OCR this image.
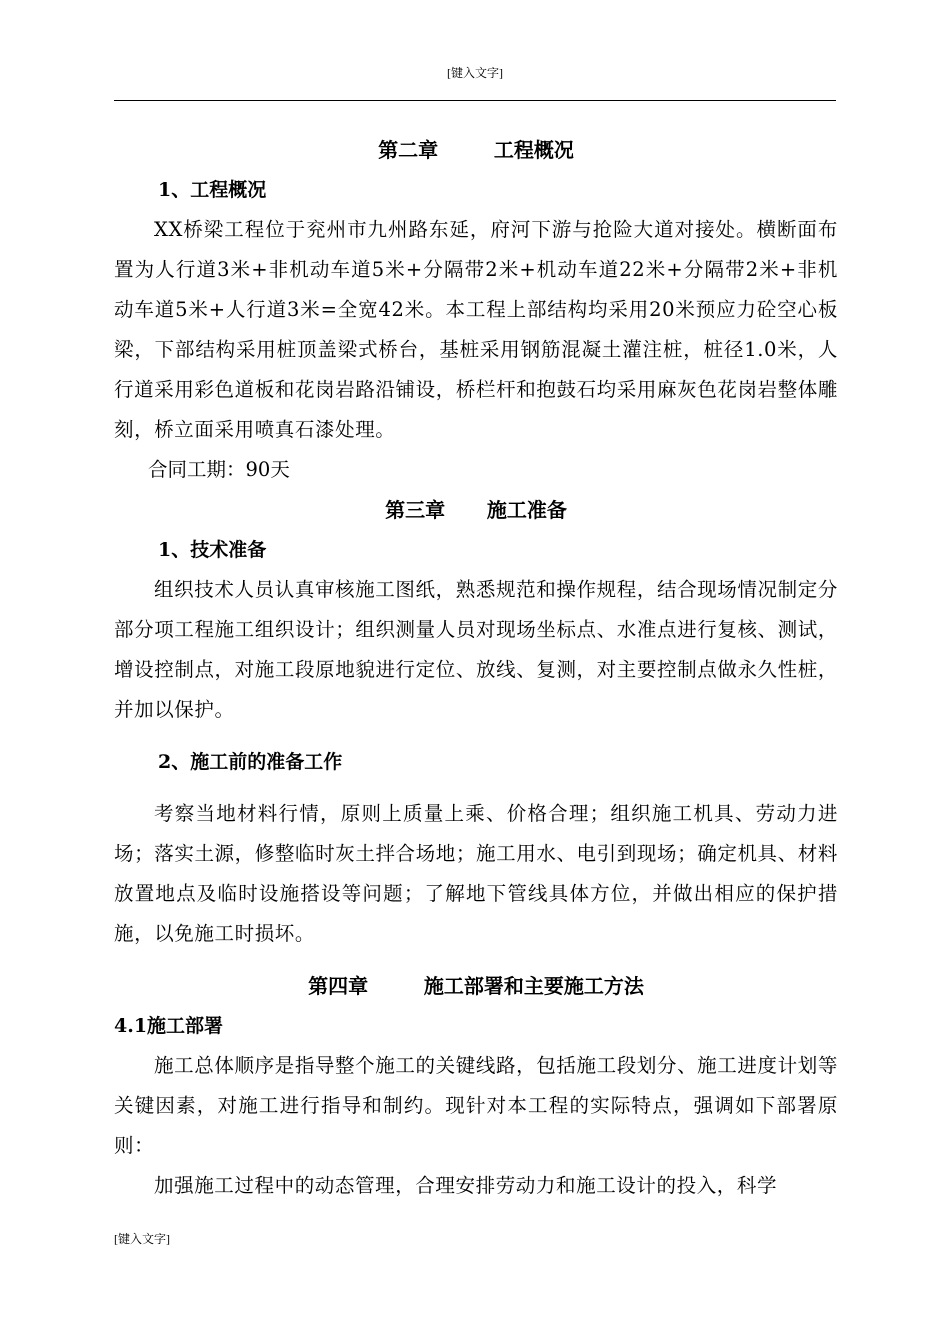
[键入文字]
第二章        工程概况
1、工程概况

XX桥梁工程位于兖州市九州路东延，府河下游与抢险大道对接处。横断面布置为人行道3米+非机动车道5米+分隔带2米+机动车道22米+分隔带2米+非机动车道5米+人行道3米=全宽42米。本工程上部结构均采用20米预应力砼空心板梁，下部结构采用桩顶盖梁式桥台，基桩采用钢筋混凝土灌注桩，桩径1.0米，人行道采用彩色道板和花岗岩路沿铺设，桥栏杆和抱鼓石均采用麻灰色花岗岩整体雕刻，桥立面采用喷真石漆处理。

合同工期：90天
第三章      施工准备
1、技术准备

组织技术人员认真审核施工图纸，熟悉规范和操作规程，结合现场情况制定分部分项工程施工组织设计；组织测量人员对现场坐标点、水准点进行复核、测试，增设控制点，对施工段原地貌进行定位、放线、复测，对主要控制点做永久性桩，并加以保护。

2、施工前的准备工作

考察当地材料行情，原则上质量上乘、价格合理；组织施工机具、劳动力进场；落实土源，修整临时灰土拌合场地；施工用水、电引到现场；确定机具、材料放置地点及临时设施搭设等问题；了解地下管线具体方位，并做出相应的保护措施，以免施工时损坏。

第四章        施工部署和主要施工方法
4.1施工部署

施工总体顺序是指导整个施工的关键线路，包括施工段划分、施工进度计划等关键因素，对施工进行指导和制约。现针对本工程的实际特点，强调如下部署原则：

加强施工过程中的动态管理，合理安排劳动力和施工设计的投入，科学

[键入文字]
